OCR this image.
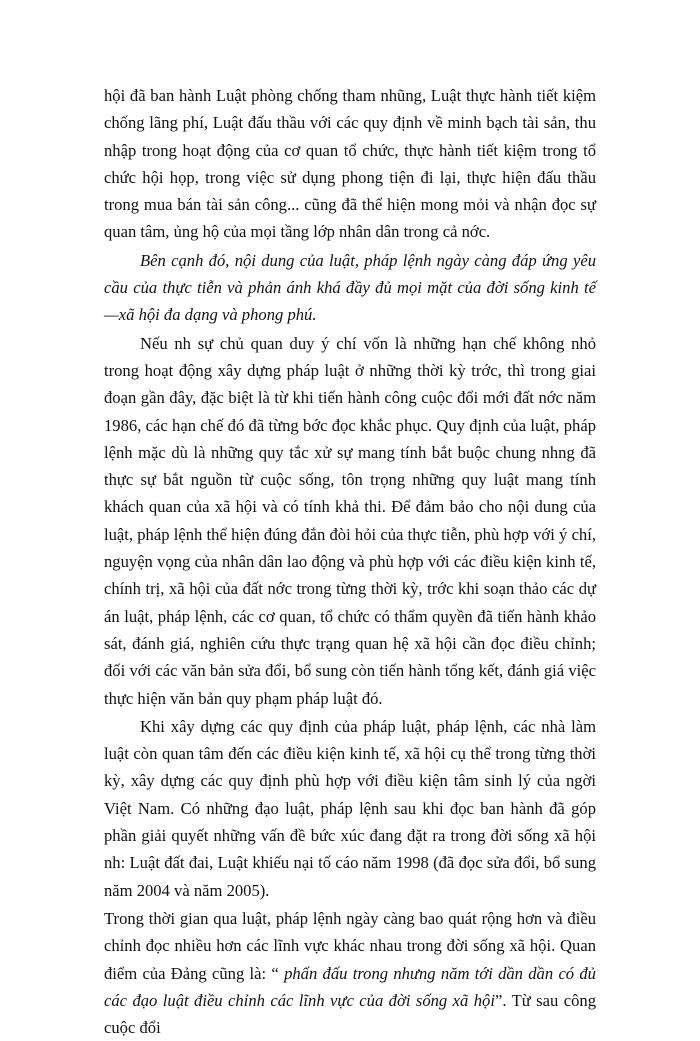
hội đã ban hành Luật phòng chống tham nhũng, Luật thực hành tiết kiệm chống lãng phí, Luật đấu thầu với các quy định về minh bạch tài sản, thu nhập trong hoạt động của cơ quan tổ chức, thực hành tiết kiệm trong tổ chức hội họp, trong việc sử dụng phong tiện đi lại, thực hiện đấu thầu trong mua bán tài sản công... cũng đã thể hiện mong mỏi và nhận đọc sự quan tâm, ủng hộ của mọi tầng lớp nhân dân trong cả nớc.

Bên cạnh đó, nội dung của luật, pháp lệnh ngày càng đáp ứng yêu cầu của thực tiễn và phản ánh khá đầy đủ mọi mặt của đời sống kinh tế —xã hội đa dạng và phong phú.

Nếu nh sự chủ quan duy ý chí vốn là những hạn chế không nhỏ trong hoạt động xây dựng pháp luật ở những thời kỳ trớc, thì trong giai đoạn gần đây, đặc biệt là từ khi tiến hành công cuộc đổi mới đất nớc năm 1986, các hạn chế đó đã từng bớc đọc khắc phục. Quy định của luật, pháp lệnh mặc dù là những quy tắc xử sự mang tính bắt buộc chung nhng đã thực sự bắt nguồn từ cuộc sống, tôn trọng những quy luật mang tính khách quan của xã hội và có tính khả thi. Để đảm bảo cho nội dung của luật, pháp lệnh thể hiện đúng đắn đòi hỏi của thực tiễn, phù hợp với ý chí, nguyện vọng của nhân dân lao động và phù hợp với các điều kiện kinh tế, chính trị, xã hội của đất nớc trong từng thời kỳ, trớc khi soạn thảo các dự án luật, pháp lệnh, các cơ quan, tổ chức có thẩm quyền đã tiến hành khảo sát, đánh giá, nghiên cứu thực trạng quan hệ xã hội cần đọc điều chỉnh; đối với các văn bản sửa đổi, bổ sung còn tiến hành tổng kết, đánh giá việc thực hiện văn bản quy phạm pháp luật đó.

Khi xây dựng các quy định của pháp luật, pháp lệnh, các nhà làm luật còn quan tâm đến các điều kiện kinh tế, xã hội cụ thể trong từng thời kỳ, xây dựng các quy định phù hợp với điều kiện tâm sinh lý của ngời Việt Nam. Có những đạo luật, pháp lệnh sau khi đọc ban hành đã góp phần giải quyết những vấn đề bức xúc đang đặt ra trong đời sống xã hội nh: Luật đất đai, Luật khiếu nại tố cáo năm 1998 (đã đọc sửa đổi, bổ sung năm 2004 và năm 2005).

Trong thời gian qua luật, pháp lệnh ngày càng bao quát rộng hơn và điều chỉnh đọc nhiều hơn các lĩnh vực khác nhau trong đời sống xã hội. Quan điểm của Đảng cũng là: “ phấn đấu trong nhưng năm tới dần dần có đủ các đạo luật điều chỉnh các lĩnh vực của đời sống xã hội”. Từ sau công cuộc đổi
